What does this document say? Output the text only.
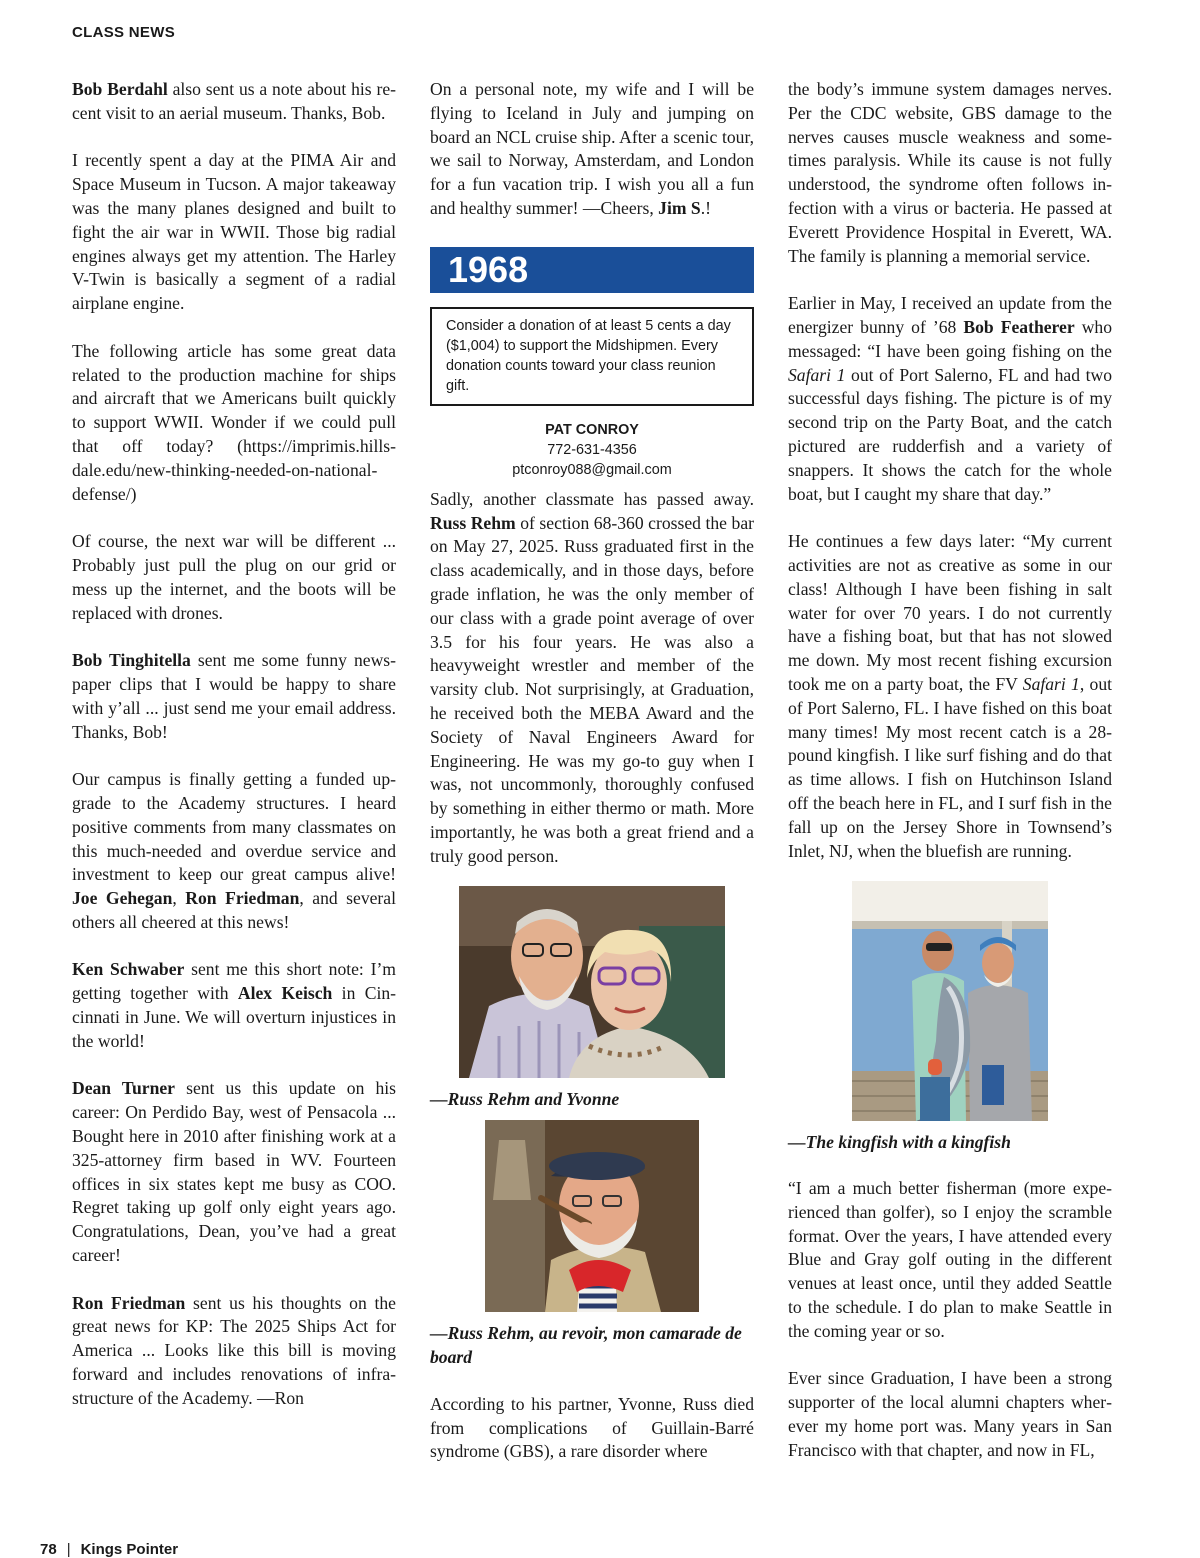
CLASS NEWS

Bob Berdahl also sent us a note about his recent visit to an aerial museum. Thanks, Bob.

I recently spent a day at the PIMA Air and Space Museum in Tucson. A major takeaway was the many planes designed and built to fight the air war in WWII. Those big radial engines always get my attention. The Harley V-Twin is basically a segment of a radial airplane engine.

The following article has some great data related to the production machine for ships and aircraft that we Americans built quickly to support WWII. Wonder if we could pull that off today? (https://imprimis.hillsdale.edu/new-thinking-needed-on-national-defense/)

Of course, the next war will be different ... Probably just pull the plug on our grid or mess up the internet, and the boots will be replaced with drones.

Bob Tinghitella sent me some funny newspaper clips that I would be happy to share with y’all ... just send me your email address. Thanks, Bob!

Our campus is finally getting a funded upgrade to the Academy structures. I heard positive comments from many classmates on this much-needed and overdue service and investment to keep our great campus alive! Joe Gehegan, Ron Friedman, and several others all cheered at this news!

Ken Schwaber sent me this short note: I’m getting together with Alex Keisch in Cincinnati in June. We will overturn injustices in the world!

Dean Turner sent us this update on his career: On Perdido Bay, west of Pensacola ... Bought here in 2010 after finishing work at a 325-attorney firm based in WV. Fourteen offices in six states kept me busy as COO. Regret taking up golf only eight years ago. Congratulations, Dean, you’ve had a great career!

Ron Friedman sent us his thoughts on the great news for KP: The 2025 Ships Act for America ... Looks like this bill is moving forward and includes renovations of infrastructure of the Academy. —Ron

On a personal note, my wife and I will be flying to Iceland in July and jumping on board an NCL cruise ship. After a scenic tour, we sail to Norway, Amsterdam, and London for a fun vacation trip. I wish you all a fun and healthy summer! —Cheers, Jim S.!

1968
Consider a donation of at least 5 cents a day ($1,004) to support the Midshipmen. Every donation counts toward your class reunion gift.
PAT CONROY
772-631-4356
ptconroy088@gmail.com

Sadly, another classmate has passed away. Russ Rehm of section 68-360 crossed the bar on May 27, 2025. Russ graduated first in the class academically, and in those days, before grade inflation, he was the only member of our class with a grade point average of over 3.5 for his four years. He was also a heavyweight wrestler and member of the varsity club. Not surprisingly, at Graduation, he received both the MEBA Award and the Society of Naval Engineers Award for Engineering. He was my go-to guy when I was, not uncommonly, thoroughly confused by something in either thermo or math. More importantly, he was both a great friend and a truly good person.

—Russ Rehm and Yvonne

—Russ Rehm, au revoir, mon camarade de board

According to his partner, Yvonne, Russ died from complications of Guillain-Barré syndrome (GBS), a rare disorder where

the body’s immune system damages nerves. Per the CDC website, GBS damage to the nerves causes muscle weakness and sometimes paralysis. While its cause is not fully understood, the syndrome often follows infection with a virus or bacteria. He passed at Everett Providence Hospital in Everett, WA. The family is planning a memorial service.

Earlier in May, I received an update from the energizer bunny of ’68 Bob Featherer who messaged: “I have been going fishing on the Safari 1 out of Port Salerno, FL and had two successful days fishing. The picture is of my second trip on the Party Boat, and the catch pictured are rudderfish and a variety of snappers. It shows the catch for the whole boat, but I caught my share that day.”

He continues a few days later: “My current activities are not as creative as some in our class! Although I have been fishing in salt water for over 70 years. I do not currently have a fishing boat, but that has not slowed me down. My most recent fishing excursion took me on a party boat, the FV Safari 1, out of Port Salerno, FL. I have fished on this boat many times! My most recent catch is a 28-pound kingfish. I like surf fishing and do that as time allows. I fish on Hutchinson Island off the beach here in FL, and I surf fish in the fall up on the Jersey Shore in Townsend’s Inlet, NJ, when the bluefish are running.

—The kingfish with a kingfish

“I am a much better fisherman (more experienced than golfer), so I enjoy the scramble format. Over the years, I have attended every Blue and Gray golf outing in the different venues at least once, until they added Seattle to the schedule. I do plan to make Seattle in the coming year or so.

Ever since Graduation, I have been a strong supporter of the local alumni chapters wherever my home port was. Many years in San Francisco with that chapter, and now in FL,

78 | Kings Pointer
